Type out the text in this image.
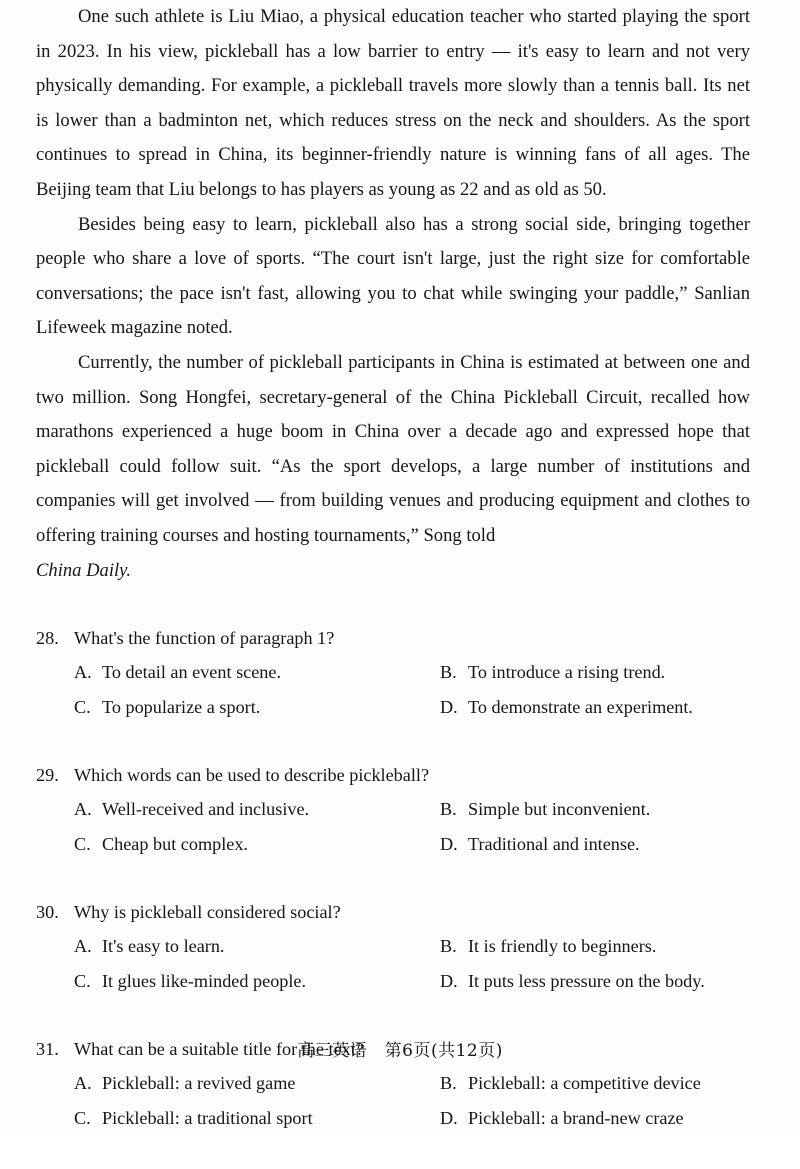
One such athlete is Liu Miao, a physical education teacher who started playing the sport in 2023. In his view, pickleball has a low barrier to entry — it's easy to learn and not very physically demanding. For example, a pickleball travels more slowly than a tennis ball. Its net is lower than a badminton net, which reduces stress on the neck and shoulders. As the sport continues to spread in China, its beginner-friendly nature is winning fans of all ages. The Beijing team that Liu belongs to has players as young as 22 and as old as 50.

Besides being easy to learn, pickleball also has a strong social side, bringing together people who share a love of sports. “The court isn't large, just the right size for comfortable conversations; the pace isn't fast, allowing you to chat while swinging your paddle,” Sanlian Lifeweek magazine noted.

Currently, the number of pickleball participants in China is estimated at between one and two million. Song Hongfei, secretary-general of the China Pickleball Circuit, recalled how marathons experienced a huge boom in China over a decade ago and expressed hope that pickleball could follow suit. “As the sport develops, a large number of institutions and companies will get involved — from building venues and producing equipment and clothes to offering training courses and hosting tournaments,” Song told
China Daily.

28. What's the function of paragraph 1?
A. To detail an event scene.	B. To introduce a rising trend.
C. To popularize a sport.	D. To demonstrate an experiment.
29. Which words can be used to describe pickleball?
A. Well-received and inclusive.	B. Simple but inconvenient.
C. Cheap but complex.	D. Traditional and intense.
30. Why is pickleball considered social?
A. It's easy to learn.	B. It is friendly to beginners.
C. It glues like-minded people.	D. It puts less pressure on the body.
31. What can be a suitable title for the text?
A. Pickleball: a revived game	B. Pickleball: a competitive device
C. Pickleball: a traditional sport	D. Pickleball: a brand-new craze
高三英语　第6页(共12页)
